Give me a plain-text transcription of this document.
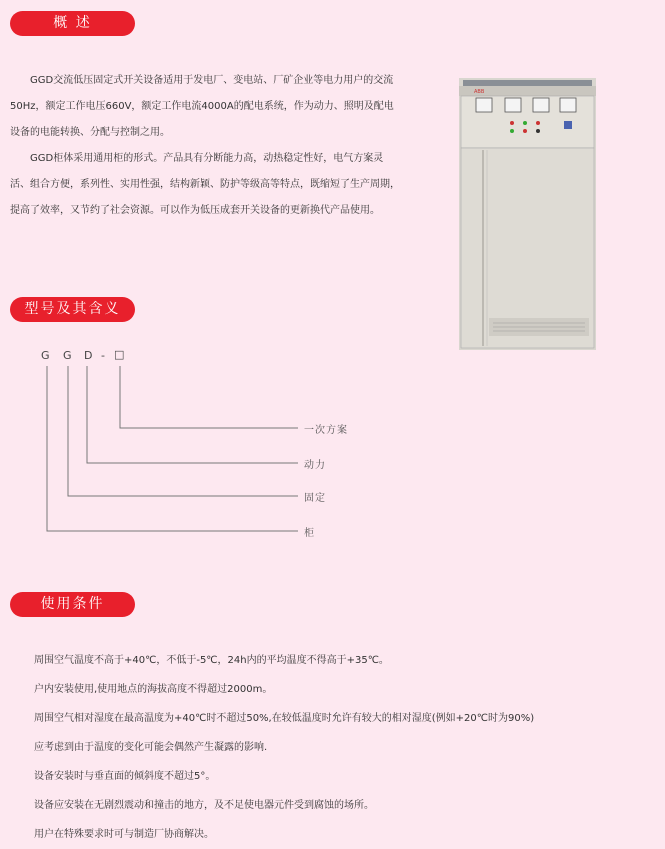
概 述
型号及其含义
使用条件

GGD交流低压固定式开关设备适用于发电厂、变电站、厂矿企业等电力用户的交流50Hz，额定工作电压660V，额定工作电流4000A的配电系统，作为动力、照明及配电设备的电能转换、分配与控制之用。

GGD柜体采用通用柜的形式。产品具有分断能力高，动热稳定性好，电气方案灵活、组合方便，系列性、实用性强，结构新颖、防护等级高等特点，既缩短了生产周期，提高了效率，又节约了社会资源。可以作为低压成套开关设备的更新换代产品使用。

ABB
G G D - □
一次方案
动力
固定
柜
周围空气温度不高于+40℃，不低于-5℃，24h内的平均温度不得高于+35℃。
户内安装使用,使用地点的海拔高度不得超过2000m。
周围空气相对湿度在最高温度为+40℃时不超过50%,在较低温度时允许有较大的相对湿度(例如+20℃时为90%)
应考虑到由于温度的变化可能会偶然产生凝露的影响.
设备安装时与垂直面的倾斜度不超过5°。
设备应安装在无剧烈震动和撞击的地方，及不足使电器元件受到腐蚀的场所。
用户在特殊要求时可与制造厂协商解决。
